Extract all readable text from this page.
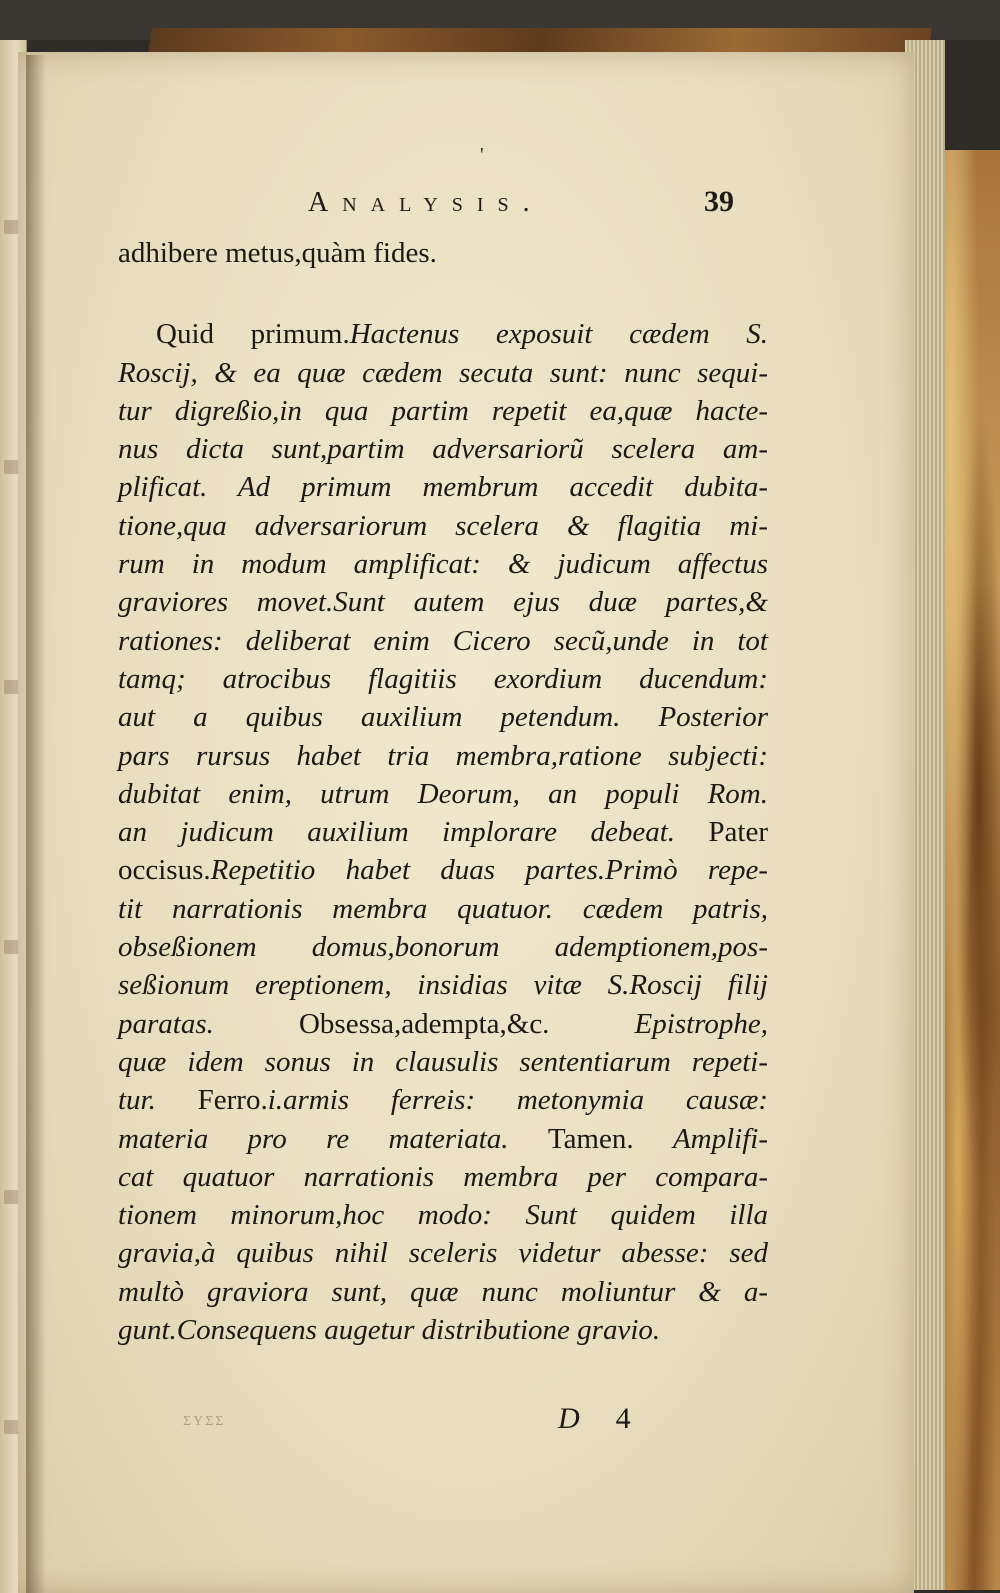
'
Analysis.	39
adhibere metus,quàm fides.
Quid primum.Hactenus exposuit cædem S.
Roscij, & ea quæ cædem secuta sunt: nunc sequi-
tur digreßio,in qua partim repetit ea,quæ hacte-
nus dicta sunt,partim adversariorũ scelera am-
plificat. Ad primum membrum accedit dubita-
tione,qua adversariorum scelera & flagitia mi-
rum in modum amplificat: & judicum affectus
graviores movet.Sunt autem ejus duæ partes,&
rationes: deliberat enim Cicero secũ,unde in tot
tamq; atrocibus flagitiis exordium ducendum:
aut a quibus auxilium petendum. Posterior
pars rursus habet tria membra,ratione subjecti:
dubitat enim, utrum Deorum, an populi Rom.
an judicum auxilium implorare debeat. Pater
occisus.Repetitio habet duas partes.Primò repe-
tit narrationis membra quatuor. cædem patris,
obseßionem domus,bonorum ademptionem,pos-
seßionum ereptionem, insidias vitæ S.Roscij filij
paratas. Obsessa,adempta,&c. Epistrophe,
quæ idem sonus in clausulis sententiarum repeti-
tur. Ferro.i.armis ferreis: metonymia causæ:
materia pro re materiata. Tamen. Amplifi-
cat quatuor narrationis membra per compara-
tionem minorum,hoc modo: Sunt quidem illa
gravia,à quibus nihil sceleris videtur abesse: sed
multò graviora sunt, quæ nunc moliuntur & a-
gunt.Consequens augetur distributione gravio.
ΣΥΣΣ	D 4
